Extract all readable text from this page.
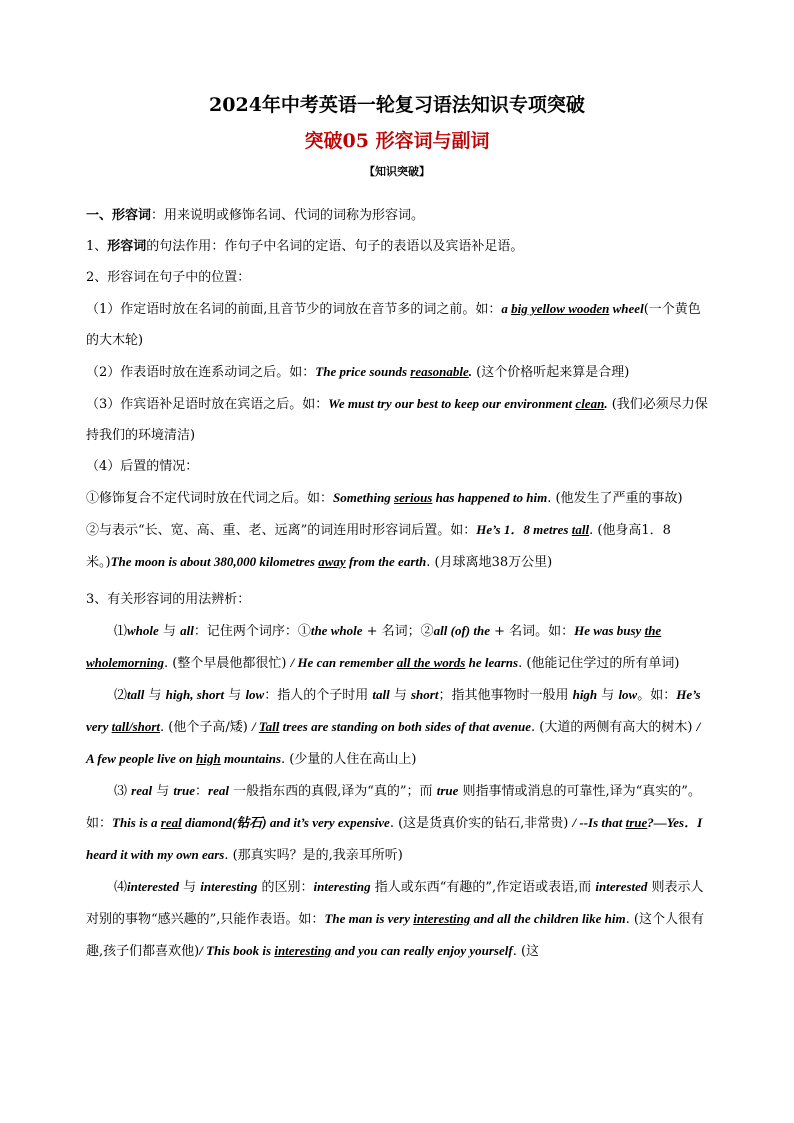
2024年中考英语一轮复习语法知识专项突破
突破05 形容词与副词
【知识突破】

一、形容词：用来说明或修饰名词、代词的词称为形容词。

1、形容词的句法作用：作句子中名词的定语、句子的表语以及宾语补足语。

2、形容词在句子中的位置：

（1）作定语时放在名词的前面,且音节少的词放在音节多的词之前。如：a big yellow wooden wheel(一个黄色的大木轮)

（2）作表语时放在连系动词之后。如：The price sounds reasonable. (这个价格听起来算是合理)

（3）作宾语补足语时放在宾语之后。如：We must try our best to keep our environment clean. (我们必须尽力保持我们的环境清洁)

（4）后置的情况：

①修饰复合不定代词时放在代词之后。如：Something serious has happened to him. (他发生了严重的事故)

②与表示“长、宽、高、重、老、远离”的词连用时形容词后置。如：He’s 1．8 metres tall. (他身高1．8米。)The moon is about 380,000 kilometres away from the earth. (月球离地38万公里)

3、有关形容词的用法辨析：

⑴whole 与 all：记住两个词序：①the whole + 名词；②all (of) the + 名词。如：He was busy the wholemorning. (整个早晨他都很忙) / He can remember all the words he learns. (他能记住学过的所有单词)

⑵tall 与 high, short 与 low：指人的个子时用 tall 与 short；指其他事物时一般用 high 与 low。如：He’s very tall/short. (他个子高/矮) / Tall trees are standing on both sides of that avenue. (大道的两侧有高大的树木) / A few people live on high mountains. (少量的人住在高山上)

⑶ real 与 true：real 一般指东西的真假,译为“真的”；而 true 则指事情或消息的可靠性,译为“真实的”。如：This is a real diamond(钻石) and it’s very expensive. (这是货真价实的钻石,非常贵) / --Is that true?—Yes．I heard it with my own ears. (那真实吗？是的,我亲耳所听)

⑷interested 与 interesting 的区别：interesting 指人或东西“有趣的”,作定语或表语,而 interested 则表示人对别的事物“感兴趣的”,只能作表语。如：The man is very interesting and all the children like him. (这个人很有趣,孩子们都喜欢他)/ This book is interesting and you can really enjoy yourself. (这
